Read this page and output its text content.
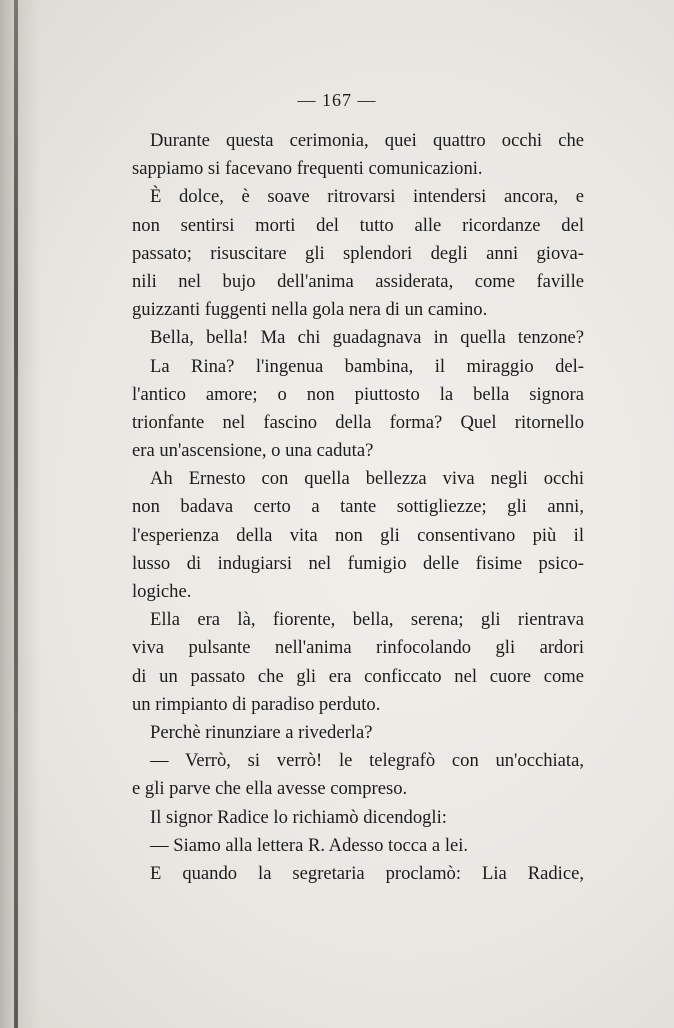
— 167 —
Durante questa cerimonia, quei quattro occhi che
sappiamo si facevano frequenti comunicazioni.
È dolce, è soave ritrovarsi intendersi ancora, e
non sentirsi morti del tutto alle ricordanze del
passato; risuscitare gli splendori degli anni giova-
nili nel bujo dell'anima assiderata, come faville
guizzanti fuggenti nella gola nera di un camino.
Bella, bella! Ma chi guadagnava in quella tenzone?
La Rina? l'ingenua bambina, il miraggio del-
l'antico amore; o non piuttosto la bella signora
trionfante nel fascino della forma? Quel ritornello
era un'ascensione, o una caduta?
Ah Ernesto con quella bellezza viva negli occhi
non badava certo a tante sottigliezze; gli anni,
l'esperienza della vita non gli consentivano più il
lusso di indugiarsi nel fumigio delle fisime psico-
logiche.
Ella era là, fiorente, bella, serena; gli rientrava
viva pulsante nell'anima rinfocolando gli ardori
di un passato che gli era conficcato nel cuore come
un rimpianto di paradiso perduto.
Perchè rinunziare a rivederla?
— Verrò, si verrò! le telegrafò con un'occhiata,
e gli parve che ella avesse compreso.
Il signor Radice lo richiamò dicendogli:
— Siamo alla lettera R. Adesso tocca a lei.
E quando la segretaria proclamò: Lia Radice,
